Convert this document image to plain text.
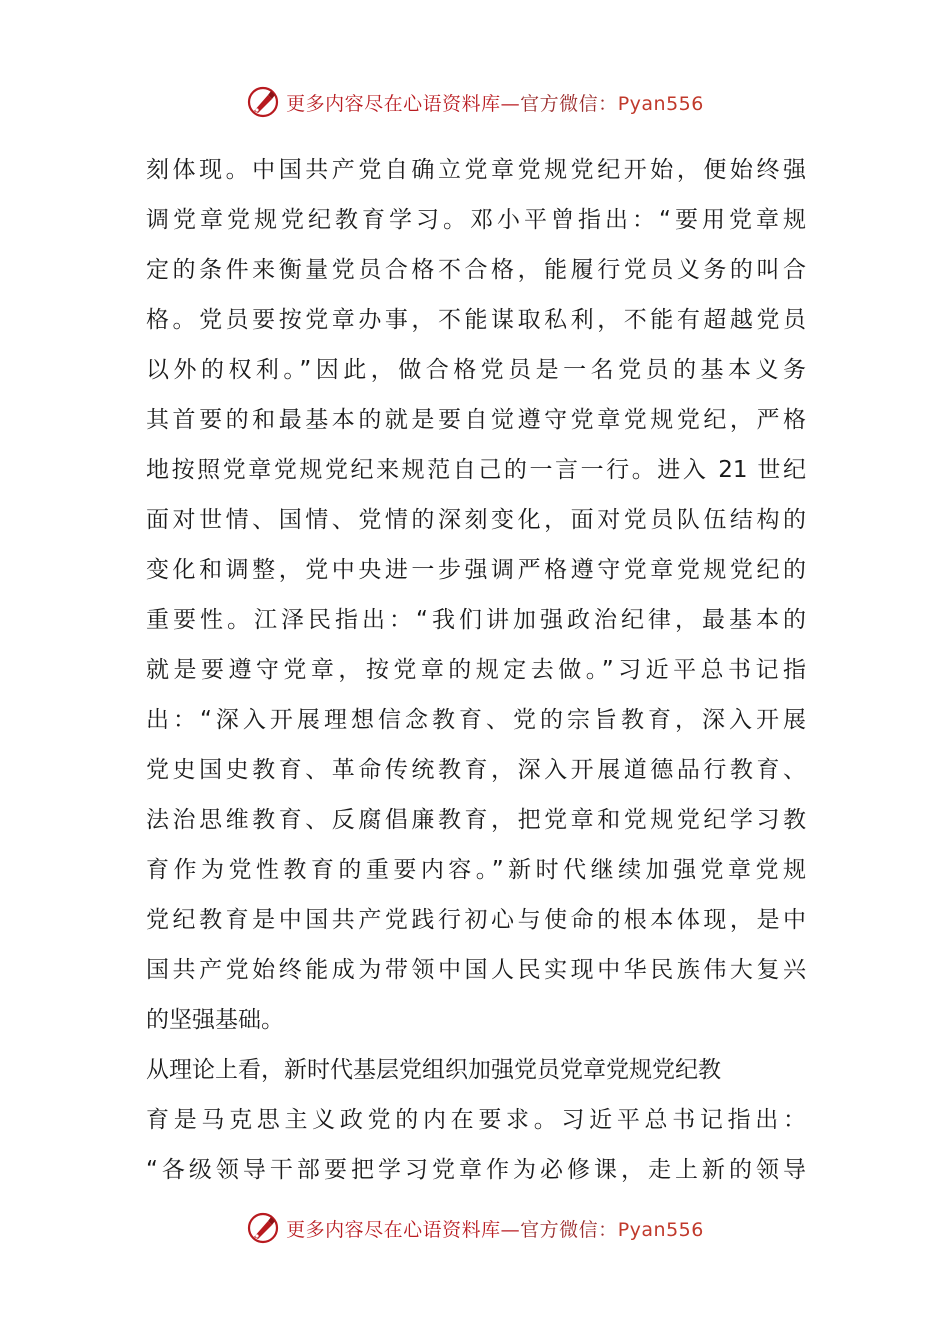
更多内容尽在心语资料库—官方微信：Pyan556
刻体现。中国共产党自确立党章党规党纪开始，便始终强
调党章党规党纪教育学习。邓小平曾指出：“要用党章规
定的条件来衡量党员合格不合格，能履行党员义务的叫合
格。党员要按党章办事，不能谋取私利，不能有超越党员
以外的权利。”因此，做合格党员是一名党员的基本义务
其首要的和最基本的就是要自觉遵守党章党规党纪，严格
地按照党章党规党纪来规范自己的一言一行。进入 21 世纪
面对世情、国情、党情的深刻变化，面对党员队伍结构的
变化和调整，党中央进一步强调严格遵守党章党规党纪的
重要性。江泽民指出：“我们讲加强政治纪律，最基本的
就是要遵守党章，按党章的规定去做。”习近平总书记指
出：“深入开展理想信念教育、党的宗旨教育，深入开展
党史国史教育、革命传统教育，深入开展道德品行教育、
法治思维教育、反腐倡廉教育，把党章和党规党纪学习教
育作为党性教育的重要内容。”新时代继续加强党章党规
党纪教育是中国共产党践行初心与使命的根本体现，是中
国共产党始终能成为带领中国人民实现中华民族伟大复兴
的坚强基础。
从理论上看，新时代基层党组织加强党员党章党规党纪教
育是马克思主义政党的内在要求。习近平总书记指出：
“各级领导干部要把学习党章作为必修课，走上新的领导
更多内容尽在心语资料库—官方微信：Pyan556
